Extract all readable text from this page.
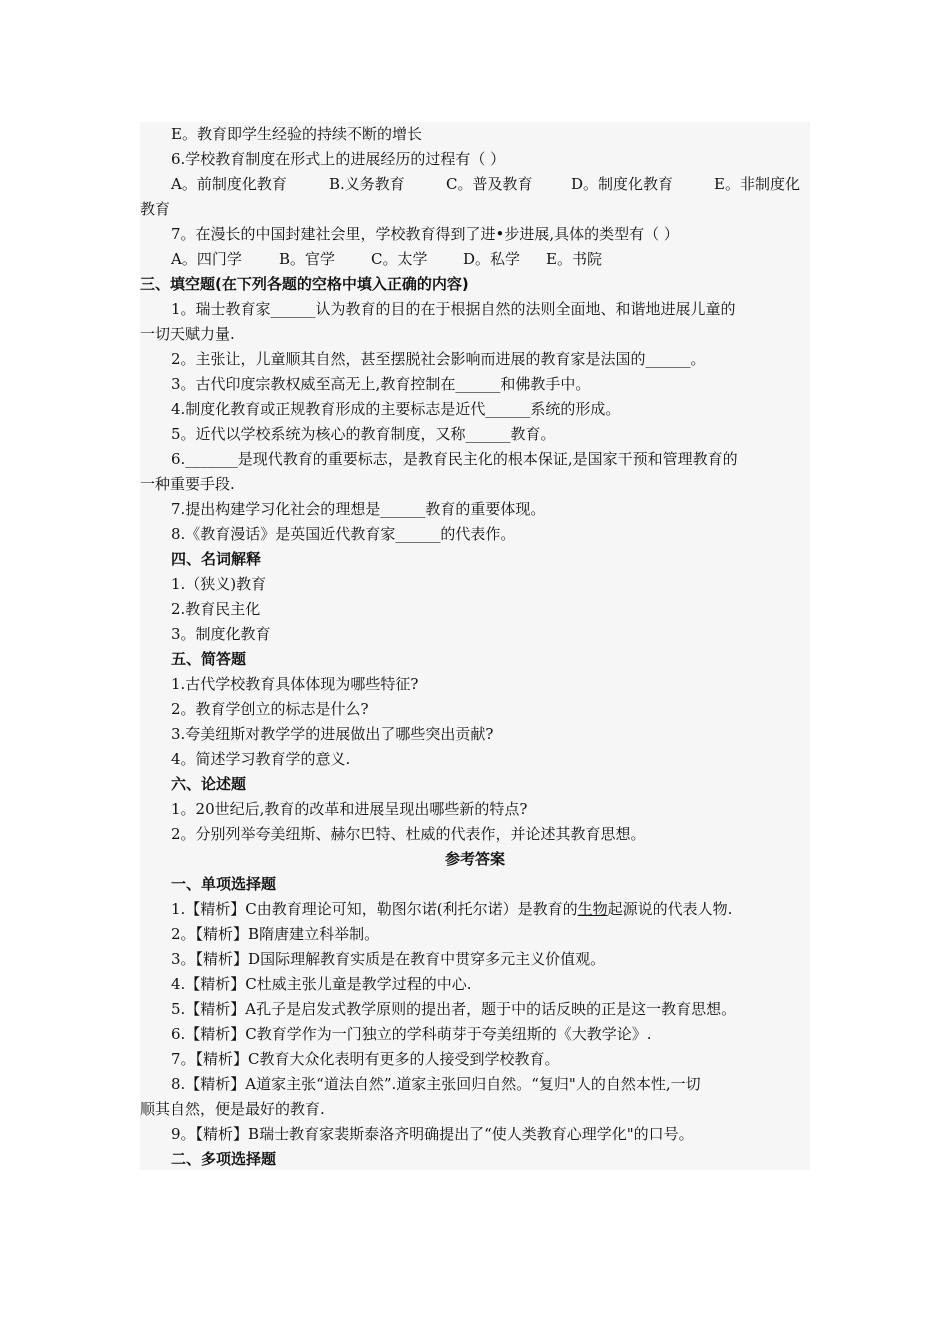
E。教育即学生经验的持续不断的增长
6.学校教育制度在形式上的进展经历的过程有（ ）
A。前制度化教育	B.义务教育	C。普及教育	D。制度化教育	E。非制度化
教育
7。在漫长的中国封建社会里，学校教育得到了进•步进展,具体的类型有（ ）
A。四门学	B。官学	C。太学	D。私学	E。书院
三、填空题(在下列各题的空格中填入正确的内容)
1。瑞士教育家______认为教育的目的在于根据自然的法则全面地、和谐地进展儿童的
一切天赋力量.
2。主张让，儿童顺其自然，甚至摆脱社会影响而进展的教育家是法国的______。
3。古代印度宗教权威至高无上,教育控制在______和佛教手中。
4.制度化教育或正规教育形成的主要标志是近代______系统的形成。
5。近代以学校系统为核心的教育制度，又称______教育。
6._______是现代教育的重要标志，是教育民主化的根本保证,是国家干预和管理教育的
一种重要手段.
7.提出构建学习化社会的理想是______教育的重要体现。
8.《教育漫话》是英国近代教育家______的代表作。
四、名词解释
1.（狭义)教育
2.教育民主化
3。制度化教育
五、简答题
1.古代学校教育具体体现为哪些特征?
2。教育学创立的标志是什么?
3.夸美纽斯对教学学的进展做出了哪些突出贡献?
4。简述学习教育学的意义.
六、论述题
1。20世纪后,教育的改革和进展呈现出哪些新的特点?
2。分别列举夸美纽斯、赫尔巴特、杜威的代表作，并论述其教育思想。
参考答案
一、单项选择题
1.【精析】C由教育理论可知，勒图尔诺(利托尔诺）是教育的生物起源说的代表人物.
2。【精析】B隋唐建立科举制。
3。【精析】D国际理解教育实质是在教育中贯穿多元主义价值观。
4.【精析】C杜威主张儿童是教学过程的中心.
5.【精析】A孔子是启发式教学原则的提出者，题于中的话反映的正是这一教育思想。
6.【精析】C教育学作为一门独立的学科萌芽于夸美纽斯的《大教学论》.
7。【精析】C教育大众化表明有更多的人接受到学校教育。
8.【精析】A道家主张“道法自然”.道家主张回归自然。“复归"人的自然本性,一切
顺其自然，便是最好的教育.
9。【精析】B瑞士教育家裴斯泰洛齐明确提出了“使人类教育心理学化"的口号。
二、多项选择题
